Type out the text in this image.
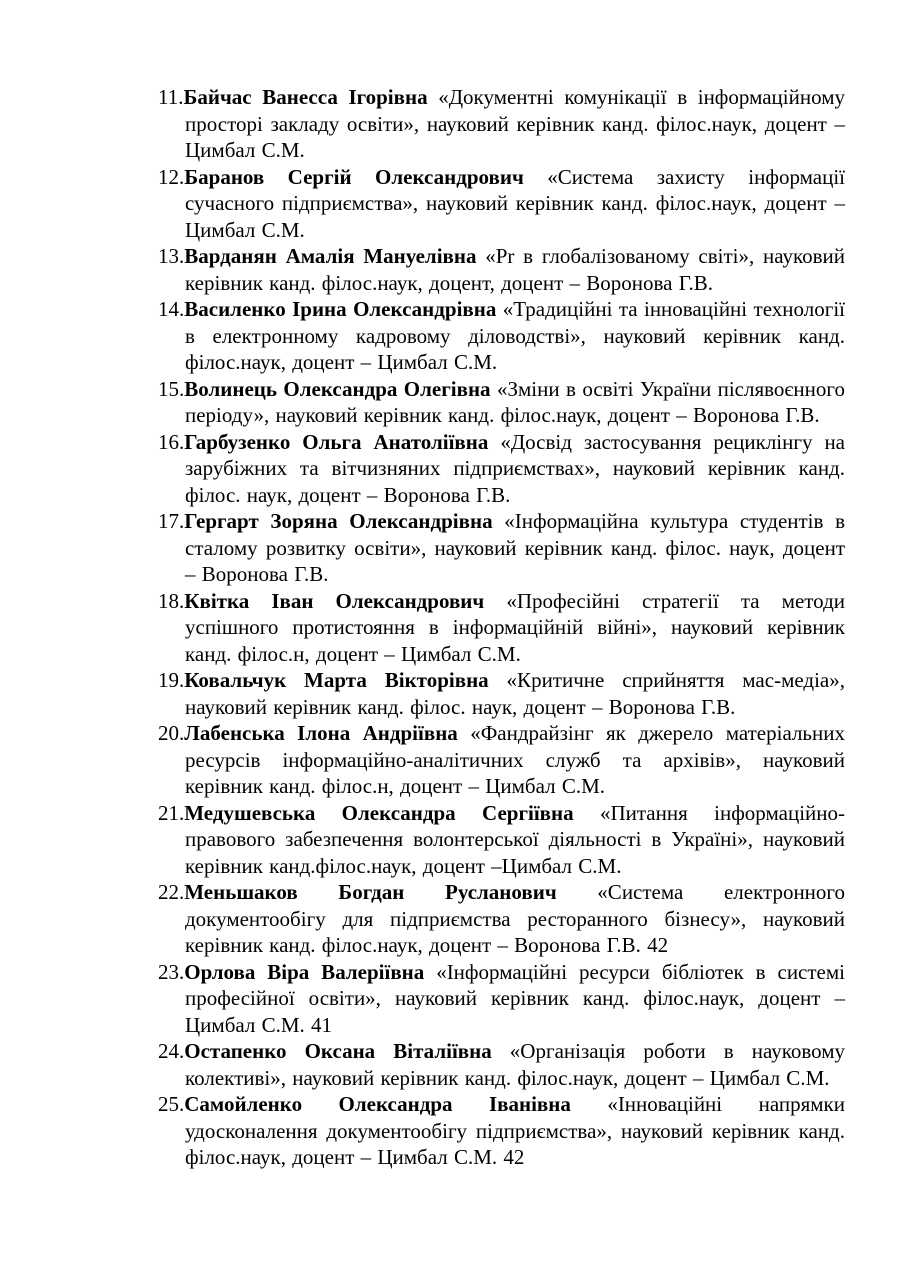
11.Байчас Ванесса Ігорівна «Документні комунікації в інформаційному просторі закладу освіти», науковий керівник канд. філос.наук, доцент – Цимбал С.М.

12.Баранов Сергій Олександрович «Система захисту інформації сучасного підприємства», науковий керівник канд. філос.наук, доцент – Цимбал С.М.

13.Варданян Амалія Мануелівна «Pr в глобалізованому світі», науковий керівник канд. філос.наук, доцент, доцент – Воронова Г.В.

14.Василенко Ірина Олександрівна «Традиційні та інноваційні технології в електронному кадровому діловодстві», науковий керівник канд. філос.наук, доцент – Цимбал С.М.

15.Волинець Олександра Олегівна «Зміни в освіті України післявоєнного періоду», науковий керівник канд. філос.наук, доцент – Воронова Г.В.

16.Гарбузенко Ольга Анатоліївна «Досвід застосування рециклінгу на зарубіжних та вітчизняних підприємствах», науковий керівник канд. філос. наук, доцент – Воронова Г.В.

17.Гергарт Зоряна Олександрівна «Інформаційна культура студентів в сталому розвитку освіти», науковий керівник канд. філос. наук, доцент – Воронова Г.В.

18.Квітка Іван Олександрович «Професійні стратегії та методи успішного протистояння в інформаційній війні», науковий керівник канд. філос.н, доцент – Цимбал С.М.

19.Ковальчук Марта Вікторівна «Критичне сприйняття мас-медіа», науковий керівник канд. філос. наук, доцент – Воронова Г.В.

20.Лабенська Ілона Андріївна «Фандрайзінг як джерело матеріальних ресурсів інформаційно-аналітичних служб та архівів», науковий керівник канд. філос.н, доцент – Цимбал С.М.

21.Медушевська Олександра Сергіївна «Питання інформаційно-правового забезпечення волонтерської діяльності в Україні», науковий керівник канд.філос.наук, доцент –Цимбал С.М.

22.Меньшаков Богдан Русланович «Система електронного документообігу для підприємства ресторанного бізнесу», науковий керівник канд. філос.наук, доцент – Воронова Г.В. 42

23.Орлова Віра Валеріївна «Інформаційні ресурси бібліотек в системі професійної освіти», науковий керівник канд. філос.наук, доцент – Цимбал С.М. 41

24.Остапенко Оксана Віталіївна «Організація роботи в науковому колективі», науковий керівник канд. філос.наук, доцент – Цимбал С.М.

25.Самойленко Олександра Іванівна «Інноваційні напрямки удосконалення документообігу підприємства», науковий керівник канд. філос.наук, доцент – Цимбал С.М. 42
